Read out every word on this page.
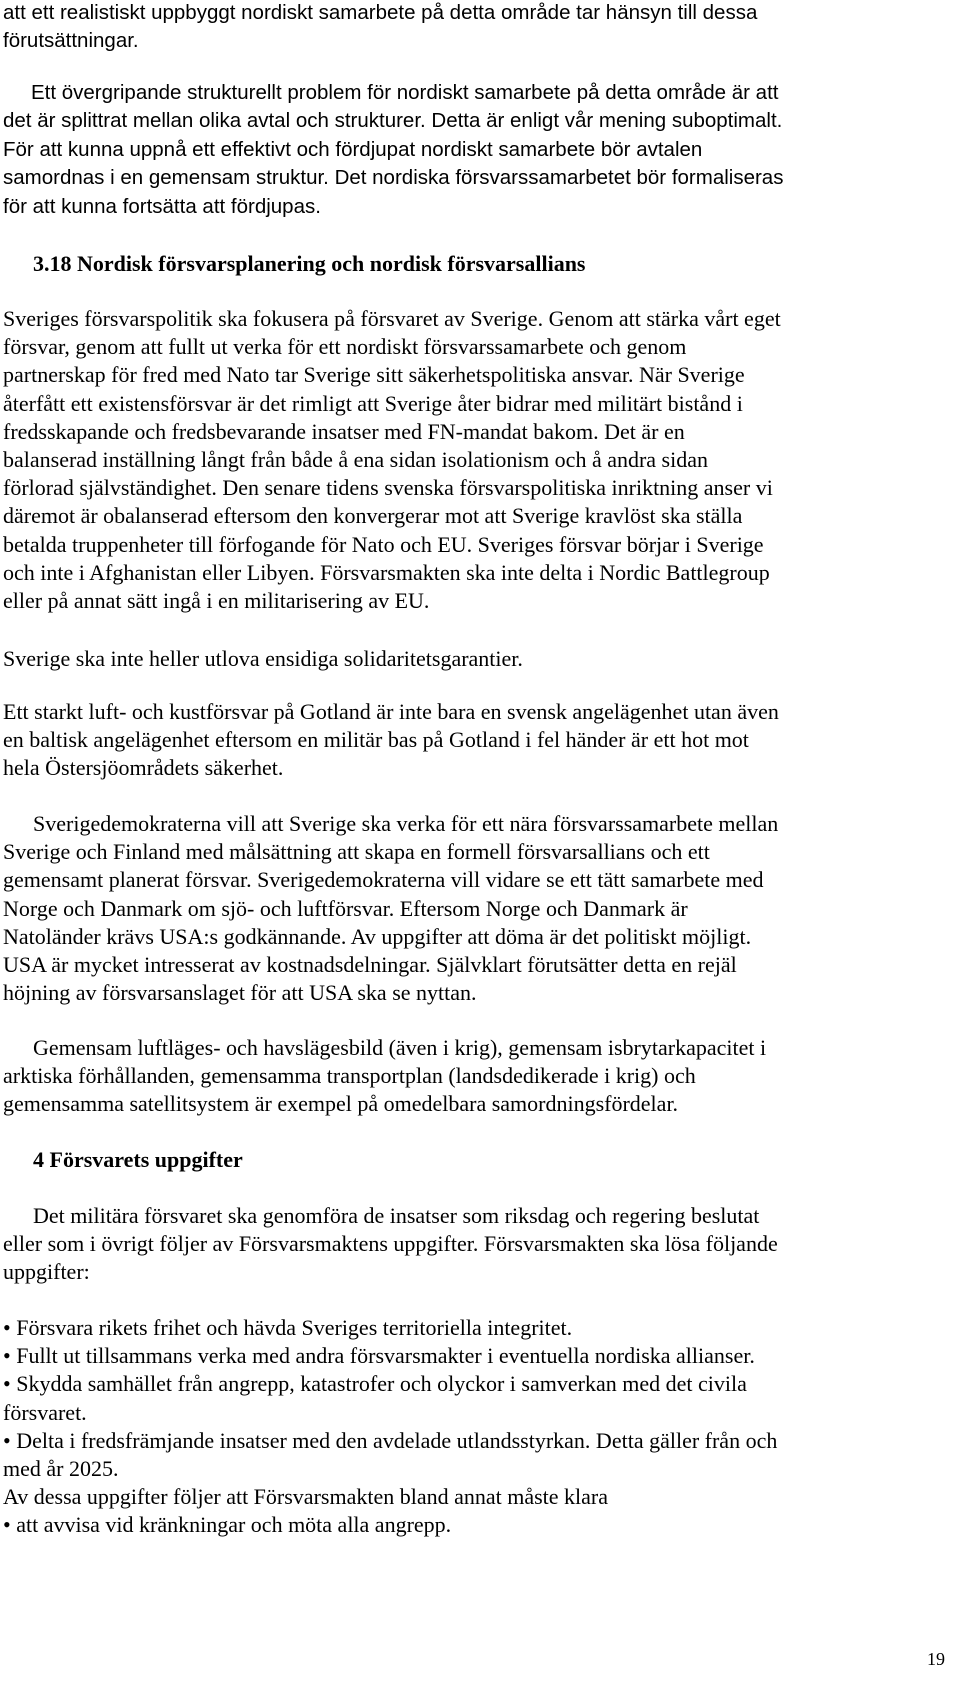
att ett realistiskt uppbyggt nordiskt samarbete på detta område tar hänsyn till dessa
förutsättningar.
Ett övergripande strukturellt problem för nordiskt samarbete på detta område är att
det är splittrat mellan olika avtal och strukturer. Detta är enligt vår mening suboptimalt.
För att kunna uppnå ett effektivt och fördjupat nordiskt samarbete bör avtalen
samordnas i en gemensam struktur. Det nordiska försvarssamarbetet bör formaliseras
för att kunna fortsätta att fördjupas.
3.18 Nordisk försvarsplanering och nordisk försvarsallians
Sveriges försvarspolitik ska fokusera på försvaret av Sverige. Genom att stärka vårt eget
försvar, genom att fullt ut verka för ett nordiskt försvarssamarbete och genom
partnerskap för fred med Nato tar Sverige sitt säkerhetspolitiska ansvar. När Sverige
återfått ett existensförsvar är det rimligt att Sverige åter bidrar med militärt bistånd i
fredsskapande och fredsbevarande insatser med FN-mandat bakom. Det är en
balanserad inställning långt från både å ena sidan isolationism och å andra sidan
förlorad självständighet. Den senare tidens svenska försvarspolitiska inriktning anser vi
däremot är obalanserad eftersom den konvergerar mot att Sverige kravlöst ska ställa
betalda truppenheter till förfogande för Nato och EU. Sveriges försvar börjar i Sverige
och inte i Afghanistan eller Libyen. Försvarsmakten ska inte delta i Nordic Battlegroup
eller på annat sätt ingå i en militarisering av EU.
Sverige ska inte heller utlova ensidiga solidaritetsgarantier.
Ett starkt luft- och kustförsvar på Gotland är inte bara en svensk angelägenhet utan även
en baltisk angelägenhet eftersom en militär bas på Gotland i fel händer är ett hot mot
hela Östersjöområdets säkerhet.
Sverigedemokraterna vill att Sverige ska verka för ett nära försvarssamarbete mellan
Sverige och Finland med målsättning att skapa en formell försvarsallians och ett
gemensamt planerat försvar. Sverigedemokraterna vill vidare se ett tätt samarbete med
Norge och Danmark om sjö- och luftförsvar. Eftersom Norge och Danmark är
Natoländer krävs USA:s godkännande. Av uppgifter att döma är det politiskt möjligt.
USA är mycket intresserat av kostnadsdelningar. Självklart förutsätter detta en rejäl
höjning av försvarsanslaget för att USA ska se nyttan.
Gemensam luftläges- och havslägesbild (även i krig), gemensam isbrytarkapacitet i
arktiska förhållanden, gemensamma transportplan (landsdedikerade i krig) och
gemensamma satellitsystem är exempel på omedelbara samordningsfördelar.
4 Försvarets uppgifter
Det militära försvaret ska genomföra de insatser som riksdag och regering beslutat
eller som i övrigt följer av Försvarsmaktens uppgifter. Försvarsmakten ska lösa följande
uppgifter:
• Försvara rikets frihet och hävda Sveriges territoriella integritet.
• Fullt ut tillsammans verka med andra försvarsmakter i eventuella nordiska allianser.
• Skydda samhället från angrepp, katastrofer och olyckor i samverkan med det civila
försvaret.
• Delta i fredsfrämjande insatser med den avdelade utlandsstyrkan. Detta gäller från och
med år 2025.
Av dessa uppgifter följer att Försvarsmakten bland annat måste klara
• att avvisa vid kränkningar och möta alla angrepp.
19
